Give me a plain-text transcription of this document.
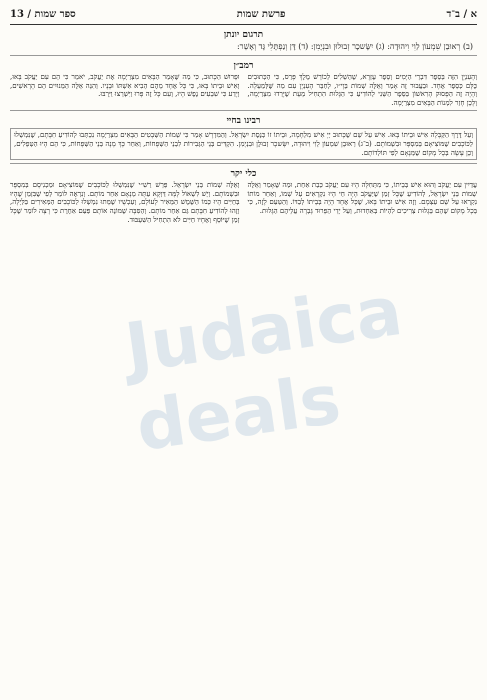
א / ב־ד
פרשת שמות
ספר שמות / 13
תרגום יונתן
(ב) רְאוּבֵן שִׁמְעוֹן לֵוִי וִיהוּדָה: (ג) יִשָּׂשכָר זְבוּלוּן וּבִנְיָמִן: (ד) דָּן וְנַפְתָּלִי גָּד וְאָשֵׁר:
רמב״ן
וְהָעִנְיָן הִזֶּה בְּסֵפֶר דִּבְרֵי הַיָּמִים וְסֵפֶר עֶזְרָא, שֶׁהַשְׁלִים לְכוֹרֵשׁ מֶלֶךְ פָּרַס, כִּי הַכְּתוּבִים כֻּלָּם כְּסֵפֶר אֶחָד. וּבַעֲבוּר זֶה אָמַר וְאֵלֶּה שְׁמוֹת בְּוָי״ו, לְחַבֵּר הָעִנְיָן עִם מַה שֶּׁלְּמַעְלָה. וְהָיָה זֶה הַפָּסוּק הָרִאשׁוֹן בַּסֵּפֶר הַשֵּׁנִי לְהוֹדִיעַ כִּי הַגָּלוּת הִתְחִיל מֵעֵת שֶׁיָּרְדוּ מִצְרַיְמָה, וְלָכֵן חָזַר לִמְנוֹת הַבָּאִים מִצְרַיְמָה.
וּפֵרוּשׁ הַכָּתוּב, כִּי מַה שֶּׁאָמַר הַבָּאִים מִצְרַיְמָה אֶת יַעֲקֹב, יֹאמַר כִּי הֵם עִם יַעֲקֹב בָּאוּ, וְאִישׁ וּבֵיתוֹ בָּאוּ, כִּי כָּל אֶחָד מֵהֶם הֵבִיא אִשְׁתּוֹ וּבָנָיו. וְהִנֵּה אֵלֶּה הַמְּנוּיִים הֵם הָרָאשִׁים, וְיָדַע כִּי שִׁבְעִים נֶפֶשׁ הָיוּ, וְעִם כָּל זֶה פָּרוּ וַיִּשְׁרְצוּ וַיִּרְבּוּ.
רבינו בחיי
וְעַל דֶּרֶךְ הַקַּבָּלָה אִישׁ וּבֵיתוֹ בָּאוּ. אִישׁ עַל שֵׁם שֶׁכָּתוּב יְיָ אִישׁ מִלְחָמָה, וּבֵיתוֹ זוֹ כְּנֶסֶת יִשְׂרָאֵל. וְהַמִּדְרָשׁ אָמַר כִּי שְׁמוֹת הַשְּׁבָטִים הַבָּאִים מִצְרַיְמָה נִכְתְּבוּ לְהוֹדִיעַ חִבָּתָם, שֶׁנִּמְשְׁלוּ לַכּוֹכָבִים שֶׁמּוֹצִיאָם בְּמִסְפָּר וּבִשְׁמוֹתָם. (ב־ג) רְאוּבֵן שִׁמְעוֹן לֵוִי וִיהוּדָה, יִשָּׂשכָר זְבוּלֻן וּבִנְיָמִן. הִקְדִּים בְּנֵי הַגְּבִירוֹת לִבְנֵי הַשְּׁפָחוֹת, וְאַחַר כָּךְ מָנָה בְּנֵי הַשְּׁפָחוֹת, כִּי הֵם הָיוּ הַטְּפֵלִים, וְכֵן עָשָׂה בְּכָל מָקוֹם שֶׁמְּנָאָם לְפִי תּוֹלְדוֹתָם.
כלי יקר
עֲדַיִין עִם יַעֲקֹב וְהוּא אִישׁ בְּבֵיתוֹ, כִּי מִתְּחִלָּה הָיוּ עִם יַעֲקֹב כְּבַת אַחַת, וּמַה שֶּׁאָמַר וְאֵלֶּה שְׁמוֹת בְּנֵי יִשְׂרָאֵל, לְהוֹדִיעַ שֶׁכָּל זְמַן שֶׁיַּעֲקֹב הָיָה חַי הָיוּ נִקְרָאִים עַל שְׁמוֹ, וְאַחַר מוֹתוֹ נִקְרְאוּ עַל שֵׁם עַצְמָם. וְזֶה אִישׁ וּבֵיתוֹ בָּאוּ, שֶׁכָּל אֶחָד הָיָה בְּבֵיתוֹ לְבַדּוֹ. וְהַטַּעַם לָזֶה, כִּי בְּכָל מָקוֹם שֶׁהֵם בְּגָלוּת צְרִיכִים לִהְיוֹת בְּאַחְדוּת, וְעַל יְדֵי הַפֵּרוּד גָּבְרָה עֲלֵיהֶם הַגָּלוּת.
וְאֵלֶּה שְׁמוֹת בְּנֵי יִשְׂרָאֵל. פֵּרֵשׁ רַשִׁ״י שֶׁנִּמְשְׁלוּ לַכּוֹכָבִים שֶׁמּוֹצִיאָם וּמַכְנִיסָם בְּמִסְפָּר וּבִשְׁמוֹתָם. וְיֵשׁ לִשְׁאוֹל לָמָּה דַּוְקָא עַתָּה מְנָאָם אַחַר מוֹתָם. וְנִרְאֶה לוֹמַר לְפִי שֶׁבִּזְמַן שֶׁהָיוּ בְּחַיִּים הָיוּ כְּמוֹ הַשֶּׁמֶשׁ הַמֵּאִיר לָעוֹלָם, וְעַכְשָׁיו שֶׁמֵּתוּ נִמְשְׁלוּ לַכּוֹכָבִים הַמְּאִירִים בַּלַּיְלָה, וְזֶהוּ לְהוֹדִיעַ חִבָּתָם גַּם אַחַר מוֹתָם. וְהַסִּבָּה שֶׁמּוֹנֶה אוֹתָם פַּעַם אַחֶרֶת כִּי רָצָה לוֹמַר שֶׁכָּל זְמַן שֶׁיּוֹסֵף וְאֶחָיו חַיִּים לֹא הִתְחִיל הַשִּׁעְבּוּד.
Judaica deals
